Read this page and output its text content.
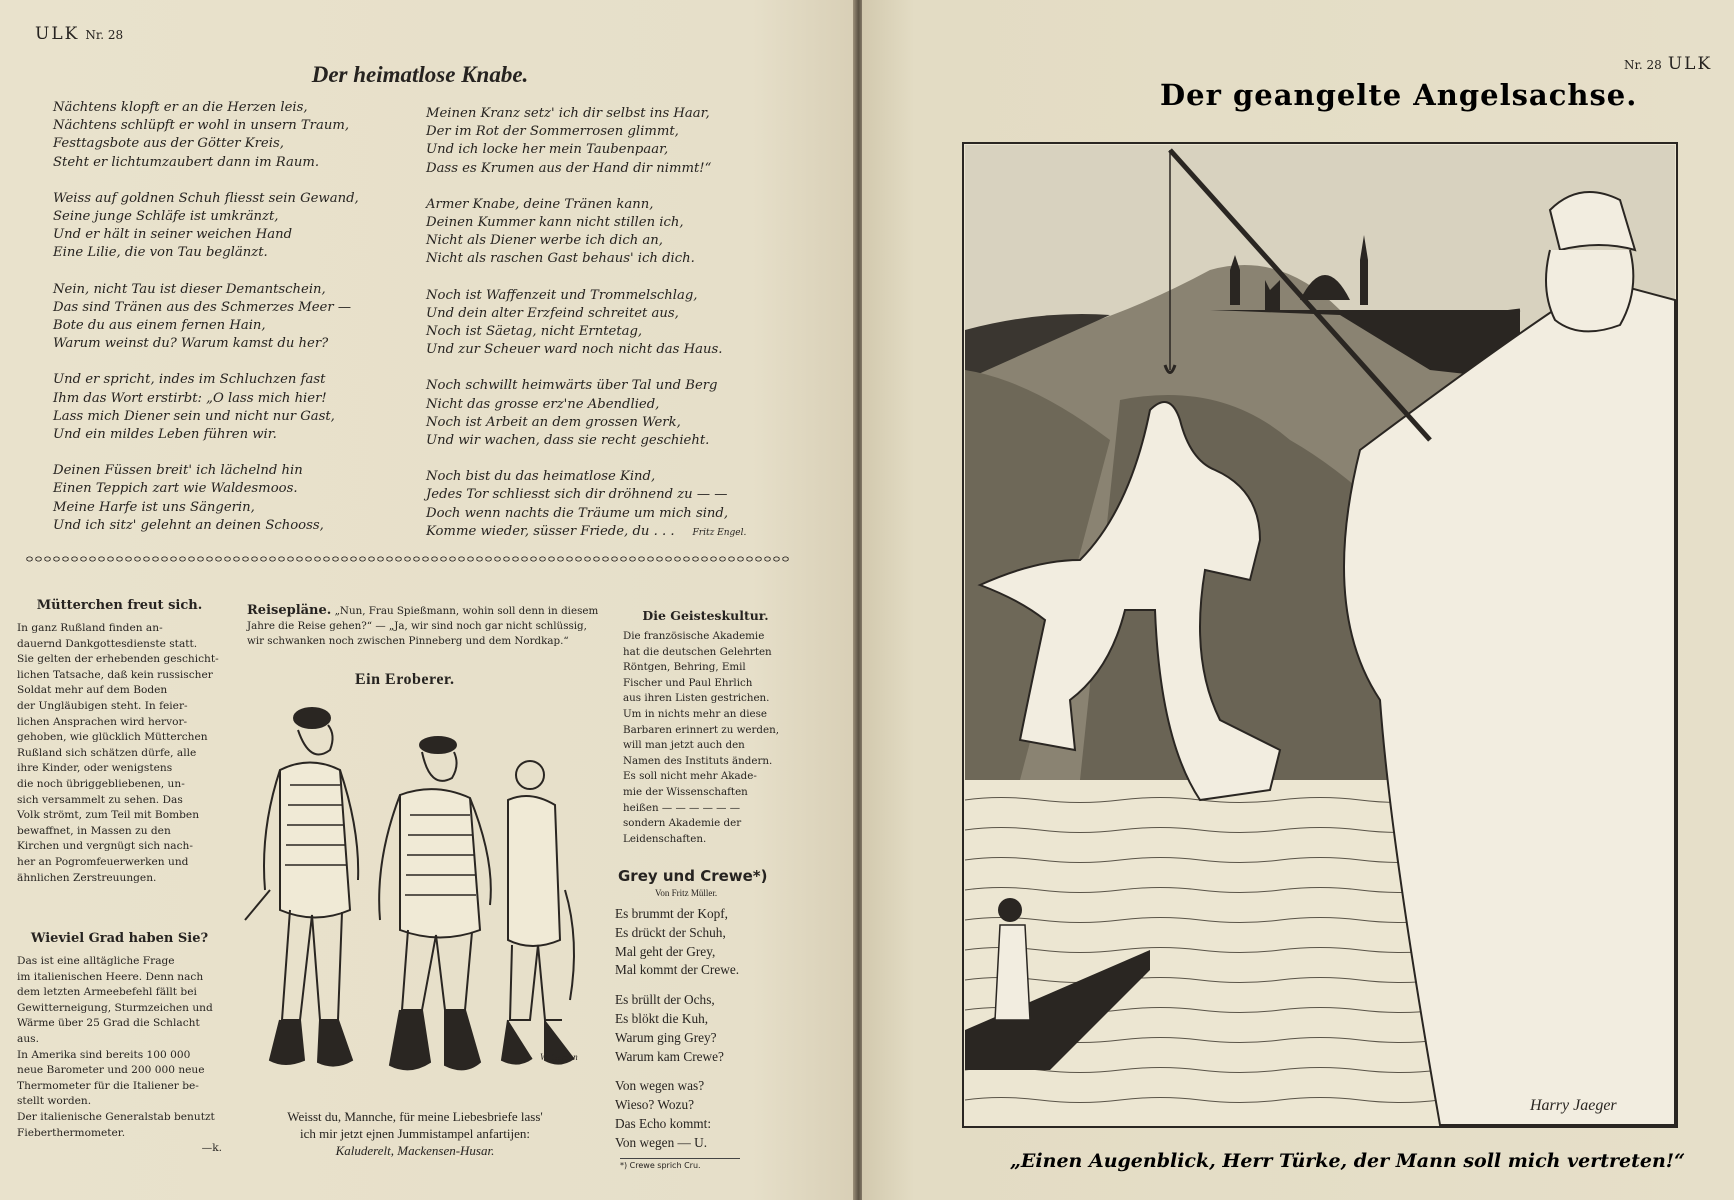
ULK Nr. 28
Der heimatlose Knabe.
Nächtens klopft er an die Herzen leis,
Nächtens schlüpft er wohl in unsern Traum,
Festtagsbote aus der Götter Kreis,
Steht er lichtumzaubert dann im Raum.
Weiss auf goldnen Schuh fliesst sein Gewand,
Seine junge Schläfe ist umkränzt,
Und er hält in seiner weichen Hand
Eine Lilie, die von Tau beglänzt.
Nein, nicht Tau ist dieser Demantschein,
Das sind Tränen aus des Schmerzes Meer —
Bote du aus einem fernen Hain,
Warum weinst du? Warum kamst du her?
Und er spricht, indes im Schluchzen fast
Ihm das Wort erstirbt: „O lass mich hier!
Lass mich Diener sein und nicht nur Gast,
Und ein mildes Leben führen wir.
Deinen Füssen breit' ich lächelnd hin
Einen Teppich zart wie Waldesmoos.
Meine Harfe ist uns Sängerin,
Und ich sitz' gelehnt an deinen Schooss,
Meinen Kranz setz' ich dir selbst ins Haar,
Der im Rot der Sommerrosen glimmt,
Und ich locke her mein Taubenpaar,
Dass es Krumen aus der Hand dir nimmt!“
Armer Knabe, deine Tränen kann,
Deinen Kummer kann nicht stillen ich,
Nicht als Diener werbe ich dich an,
Nicht als raschen Gast behaus' ich dich.
Noch ist Waffenzeit und Trommelschlag,
Und dein alter Erzfeind schreitet aus,
Noch ist Säetag, nicht Erntetag,
Und zur Scheuer ward noch nicht das Haus.
Noch schwillt heimwärts über Tal und Berg
Nicht das grosse erz'ne Abendlied,
Noch ist Arbeit an dem grossen Werk,
Und wir wachen, dass sie recht geschieht.
Noch bist du das heimatlose Kind,
Jedes Tor schliesst sich dir dröhnend zu — —
Doch wenn nachts die Träume um mich sind,
Komme wieder, süsser Friede, du . . . Fritz Engel.
Mütterchen freut sich.
In ganz Rußland finden an-
dauernd Dankgottesdienste statt.
Sie gelten der erhebenden geschicht-
lichen Tatsache, daß kein russischer
Soldat mehr auf dem Boden
der Ungläubigen steht. In feier-
lichen Ansprachen wird hervor-
gehoben, wie glücklich Mütterchen
Rußland sich schätzen dürfe, alle
ihre Kinder, oder wenigstens
die noch übriggebliebenen, un-
sich versammelt zu sehen. Das
Volk strömt, zum Teil mit Bomben
bewaffnet, in Massen zu den
Kirchen und vergnügt sich nach-
her an Pogromfeuerwerken und
ähnlichen Zerstreuungen.
Wieviel Grad haben Sie?
Das ist eine alltägliche Frage
im italienischen Heere. Denn nach
dem letzten Armeebefehl fällt bei
Gewitterneigung, Sturmzeichen und
Wärme über 25 Grad die Schlacht
aus.
In Amerika sind bereits 100 000
neue Barometer und 200 000 neue
Thermometer für die Italiener be-
stellt worden.
Der italienische Generalstab benutzt
Fieberthermometer.
—k.
Reisepläne. „Nun, Frau Spießmann, wohin soll denn in diesem
Jahre die Reise gehen?“ — „Ja, wir sind noch gar nicht schlüssig,
wir schwanken noch zwischen Pinneberg und dem Nordkap.“
Ein Eroberer.
W. Gerson
Weisst du, Mannche, für meine Liebesbriefe lass'
ich mir jetzt ejnen Jummistampel anfartijen:
Kaluderelt, Mackensen-Husar.
Die Geisteskultur.
Die französische Akademie
hat die deutschen Gelehrten
Röntgen, Behring, Emil
Fischer und Paul Ehrlich
aus ihren Listen gestrichen.
Um in nichts mehr an diese
Barbaren erinnert zu werden,
will man jetzt auch den
Namen des Instituts ändern.
Es soll nicht mehr Akade-
mie der Wissenschaften
heißen — — — — — —
sondern Akademie der
Leidenschaften.
Grey und Crewe*)
Von Fritz Müller.
Es brummt der Kopf,
Es drückt der Schuh,
Mal geht der Grey,
Mal kommt der Crewe.
Es brüllt der Ochs,
Es blökt die Kuh,
Warum ging Grey?
Warum kam Crewe?
Von wegen was?
Wieso? Wozu?
Das Echo kommt:
Von wegen — U.
*) Crewe sprich Cru.
Nr. 28 ULK
Der geangelte Angelsachse.
Harry Jaeger
„Einen Augenblick, Herr Türke, der Mann soll mich vertreten!“
